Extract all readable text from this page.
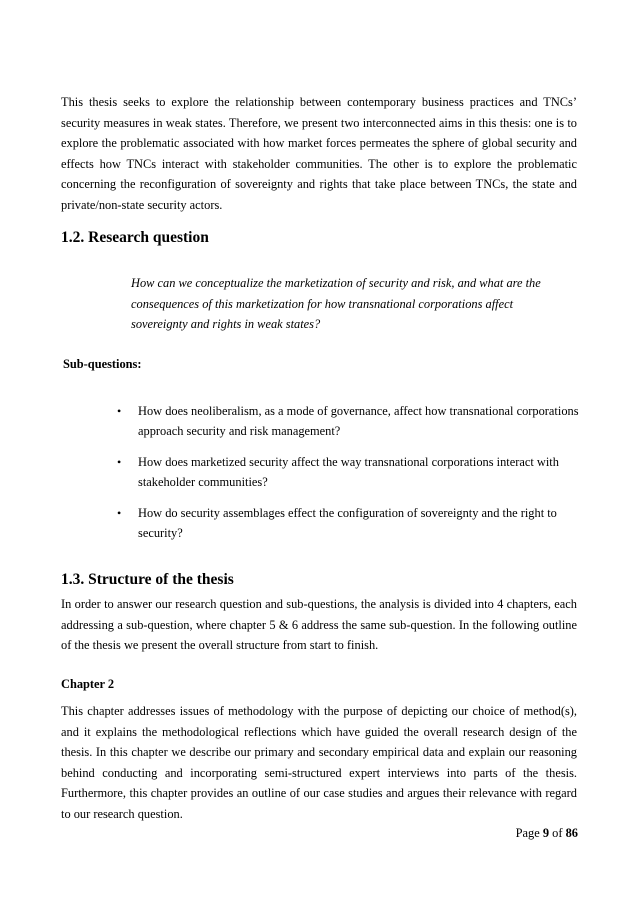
This thesis seeks to explore the relationship between contemporary business practices and TNCs’ security measures in weak states. Therefore, we present two interconnected aims in this thesis: one is to explore the problematic associated with how market forces permeates the sphere of global security and effects how TNCs interact with stakeholder communities. The other is to explore the problematic concerning the reconfiguration of sovereignty and rights that take place between TNCs, the state and private/non-state security actors.

1.2. Research question

How can we conceptualize the marketization of security and risk, and what are the consequences of this marketization for how transnational corporations affect sovereignty and rights in weak states?

Sub-questions:
• How does neoliberalism, as a mode of governance, affect how transnational corporations approach security and risk management?
• How does marketized security affect the way transnational corporations interact with stakeholder communities?
• How do security assemblages effect the configuration of sovereignty and the right to security?
1.3. Structure of the thesis

In order to answer our research question and sub-questions, the analysis is divided into 4 chapters, each addressing a sub-question, where chapter 5 & 6 address the same sub-question. In the following outline of the thesis we present the overall structure from start to finish.

Chapter 2

This chapter addresses issues of methodology with the purpose of depicting our choice of method(s), and it explains the methodological reflections which have guided the overall research design of the thesis. In this chapter we describe our primary and secondary empirical data and explain our reasoning behind conducting and incorporating semi-structured expert interviews into parts of the thesis. Furthermore, this chapter provides an outline of our case studies and argues their relevance with regard to our research question.

Page 9 of 86
